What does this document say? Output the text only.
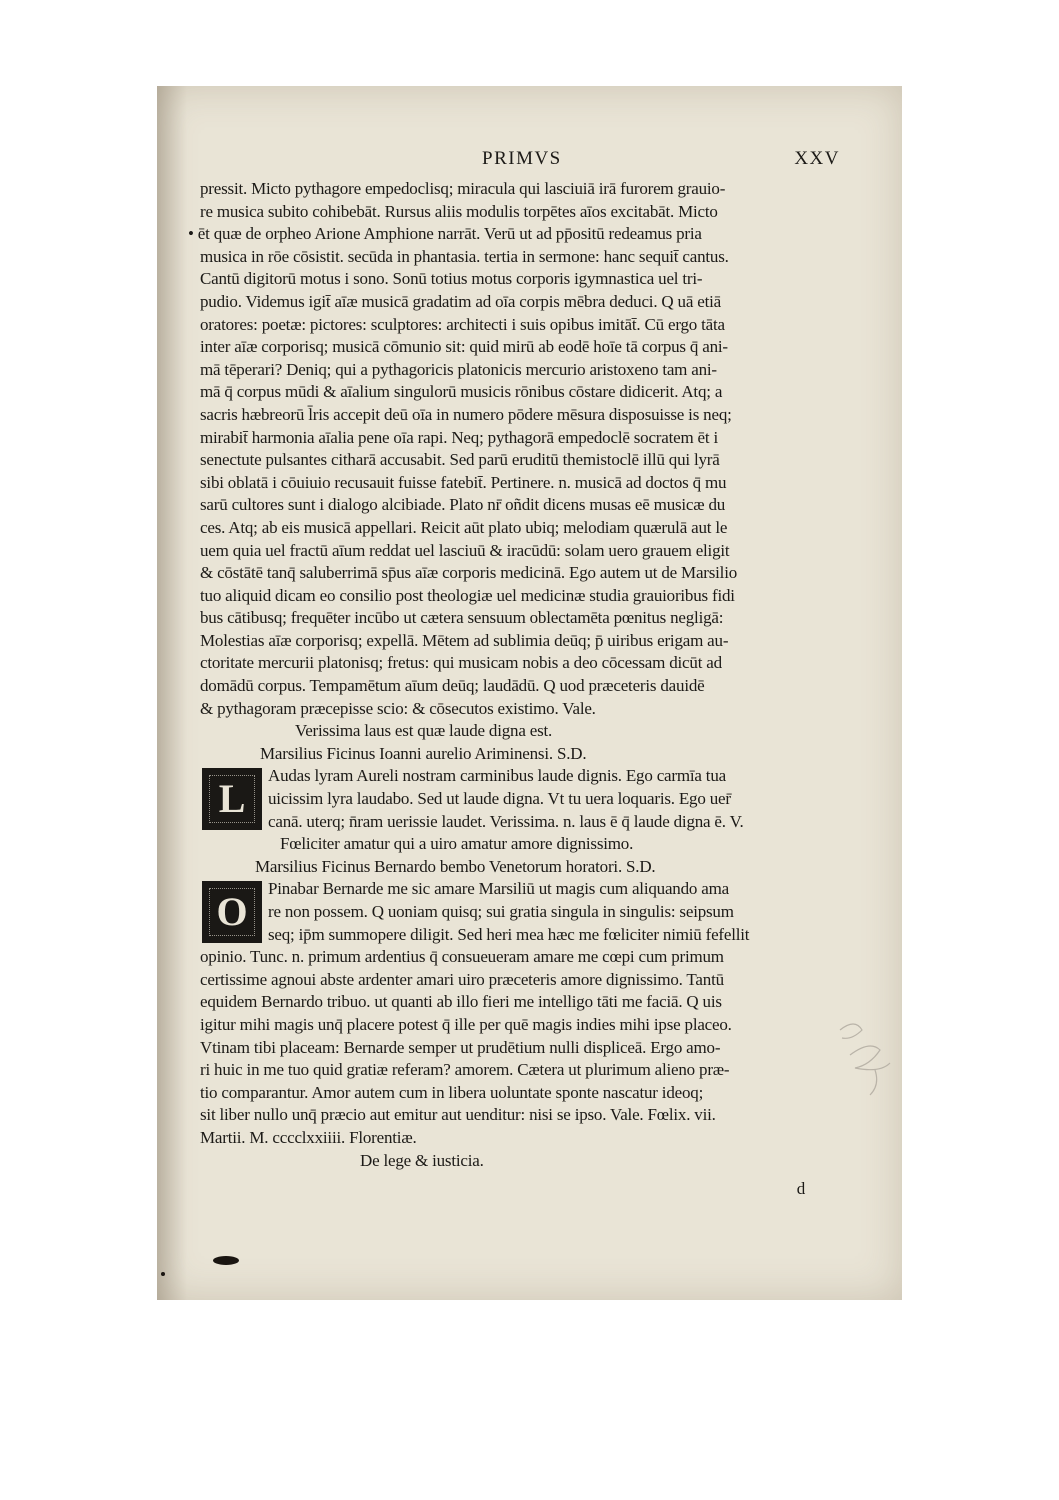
PRIMVS	XXV
pressit. Micto pythagore empedoclisq; miracula qui lasciuiā irā furorem grauio-
re musica subito cohibebāt. Rursus aliis modulis torpētes aīos excitabāt. Micto
• ēt quæ de orpheo Arione Amphione narrāt. Verū ut ad pp̄ositū redeamus pria
musica in rōe cōsistit. secūda in phantasia. tertia in sermone: hanc sequit̄ cantus.
Cantū digitorū motus i sono. Sonū totius motus corporis igymnastica uel tri-
pudio. Videmus igit̄ aīæ musicā gradatim ad oīa corpis mēbra deduci. Q uā etiā
oratores: poetæ: pictores: sculptores: architecti i suis opibus imitāt̄. Cū ergo tāta
inter aīæ corporisq; musicā cōmunio sit: quid mirū ab eodē hoīe tā corpus q̄ ani-
mā tēperari? Deniq; qui a pythagoricis platonicis mercurio aristoxeno tam ani-
mā q̄ corpus mūdi & aīalium singulorū musicis rōnibus cōstare didicerit. Atq; a
sacris hæbreorū l̄ris accepit deū oīa in numero pōdere mēsura disposuisse is neq;
mirabit̄ harmonia aīalia pene oīa rapi. Neq; pythagorā empedoclē socratem ēt i
senectute pulsantes citharā accusabit. Sed parū eruditū themistoclē illū qui lyrā
sibi oblatā i cōuiuio recusauit fuisse fatebit̄. Pertinere. n. musicā ad doctos q̄ mu
sarū cultores sunt i dialogo alcibiade. Plato nr̄ oñdit dicens musas eē musicæ du
ces. Atq; ab eis musicā appellari. Reicit aūt plato ubiq; melodiam quærulā aut le
uem quia uel fractū aīum reddat uel lasciuū & iracūdū: solam uero grauem eligit
& cōstātē tanq̄ saluberrimā sp̄us aīæ corporis medicinā. Ego autem ut de Marsilio
tuo aliquid dicam eo consilio post theologiæ uel medicinæ studia grauioribus fidi
bus cātibusq; frequēter incūbo ut cætera sensuum oblectamēta pœnitus negligā:
Molestias aīæ corporisq; expellā. Mētem ad sublimia deūq; p̄ uiribus erigam au-
ctoritate mercurii platonisq; fretus: qui musicam nobis a deo cōcessam dicūt ad
domādū corpus. Tempamētum aīum deūq; laudādū. Q uod præceteris dauidē
& pythagoram præcepisse scio: & cōsecutos existimo. Vale.
Verissima laus est quæ laude digna est.
Marsilius Ficinus Ioanni aurelio Ariminensi. S.D.
L
Audas lyram Aureli nostram carminibus laude dignis. Ego carmīa tua
uicissim lyra laudabo. Sed ut laude digna. Vt tu uera loquaris. Ego uer̄
canā. uterq; n̄ram uerissie laudet. Verissima. n. laus ē q̄ laude digna ē. V.
Fœliciter amatur qui a uiro amatur amore dignissimo.
Marsilius Ficinus Bernardo bembo Venetorum horatori. S.D.
O
Pinabar Bernarde me sic amare Marsiliū ut magis cum aliquando ama
re non possem. Q uoniam quisq; sui gratia singula in singulis: seipsum
seq; ip̄m summopere diligit. Sed heri mea hæc me fœliciter nimiū fefellit
opinio. Tunc. n. primum ardentius q̄ consueueram amare me cœpi cum primum
certissime agnoui abste ardenter amari uiro præceteris amore dignissimo. Tantū
equidem Bernardo tribuo. ut quanti ab illo fieri me intelligo tāti me faciā. Q uis
igitur mihi magis unq̄ placere potest q̄ ille per quē magis indies mihi ipse placeo.
Vtinam tibi placeam: Bernarde semper ut prudētium nulli displiceā. Ergo amo-
ri huic in me tuo quid gratiæ referam? amorem. Cætera ut plurimum alieno præ-
tio comparantur. Amor autem cum in libera uoluntate sponte nascatur ideoq;
sit liber nullo unq̄ præcio aut emitur aut uenditur: nisi se ipso. Vale. Fœlix. vii.
Martii. M. cccclxxiiii. Florentiæ.
De lege & iusticia.
d
